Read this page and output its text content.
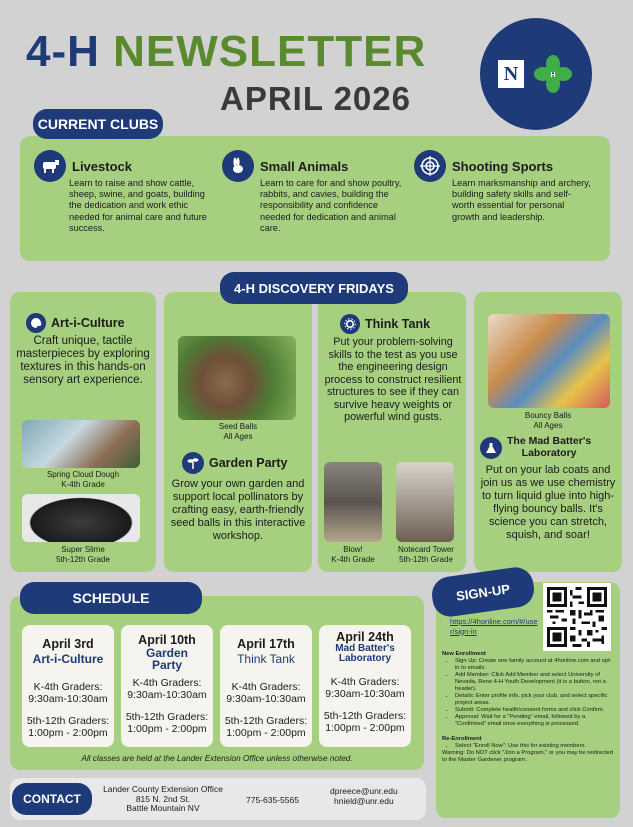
4-H NEWSLETTER
APRIL 2026
N	H
CURRENT CLUBS
Livestock
Learn to raise and show cattle, sheep, swine, and goats, building the dedication and work ethic needed for animal care and future success.
Small Animals
Learn to care for and show poultry, rabbits, and cavies, building the responsibility and confidence needed for dedication and animal care.
Shooting Sports
Learn marksmanship and archery, building safety skills and self-worth essential for personal growth and leadership.
4-H DISCOVERY FRIDAYS
Art-i-Culture
Craft unique, tactile masterpieces by exploring textures in this hands-on sensory art experience.
Spring Cloud Dough
K-4th Grade
Super Slime
5th-12th Grade
Seed Balls
All Ages
Garden Party
Grow your own garden and support local pollinators by crafting easy, earth-friendly seed balls in this interactive workshop.
Think Tank
Put your problem-solving skills to the test as you use the engineering design process to construct resilient structures to see if they can survive heavy weights or powerful wind gusts.
Blow!
K-4th Grade
Notecard Tower
5th-12th Grade
Bouncy Balls
All Ages
The Mad Batter's
Laboratory
Put on your lab coats and join us as we use chemistry to turn liquid glue into high-flying bouncy balls. It's science you can stretch, squish, and soar!
SCHEDULE
April 3rd
Art-i-Culture
K-4th Graders:
9:30am-10:30am
5th-12th Graders:
1:00pm - 2:00pm
April 10th
Garden Party
K-4th Graders:
9:30am-10:30am
5th-12th Graders:
1:00pm - 2:00pm
April 17th
Think Tank
K-4th Graders:
9:30am-10:30am
5th-12th Graders:
1:00pm - 2:00pm
April 24th
Mad Batter's Laboratory
K-4th Graders:
9:30am-10:30am
5th-12th Graders:
1:00pm - 2:00pm
All classes are held at the Lander Extension Office unless otherwise noted.
SIGN-UP
https://4honline.com/#/user/sign-in
New Enrollment
• Sign Up: Create one family account at 4honline.com and opt-in to emails.
• Add Member: Click Add Member and select University of Nevada, Reno 4-H Youth Development (it is a button, not a header).
• Details: Enter profile info, pick your club, and select specific project areas.
• Submit: Complete health/consent forms and click Confirm.
• Approval: Wait for a "Pending" email, followed by a "Confirmed" email once everything is processed.
Re-Enrollment
• Select "Enroll Now": Use this for existing members.
Warning: Do NOT click "Join a Program," or you may be redirected to the Master Gardener program.
CONTACT
Lander County Extension Office
815 N. 2nd St.
Battle Mountain NV
775-635-5565
dpreece@unr.edu
hnield@unr.edu
